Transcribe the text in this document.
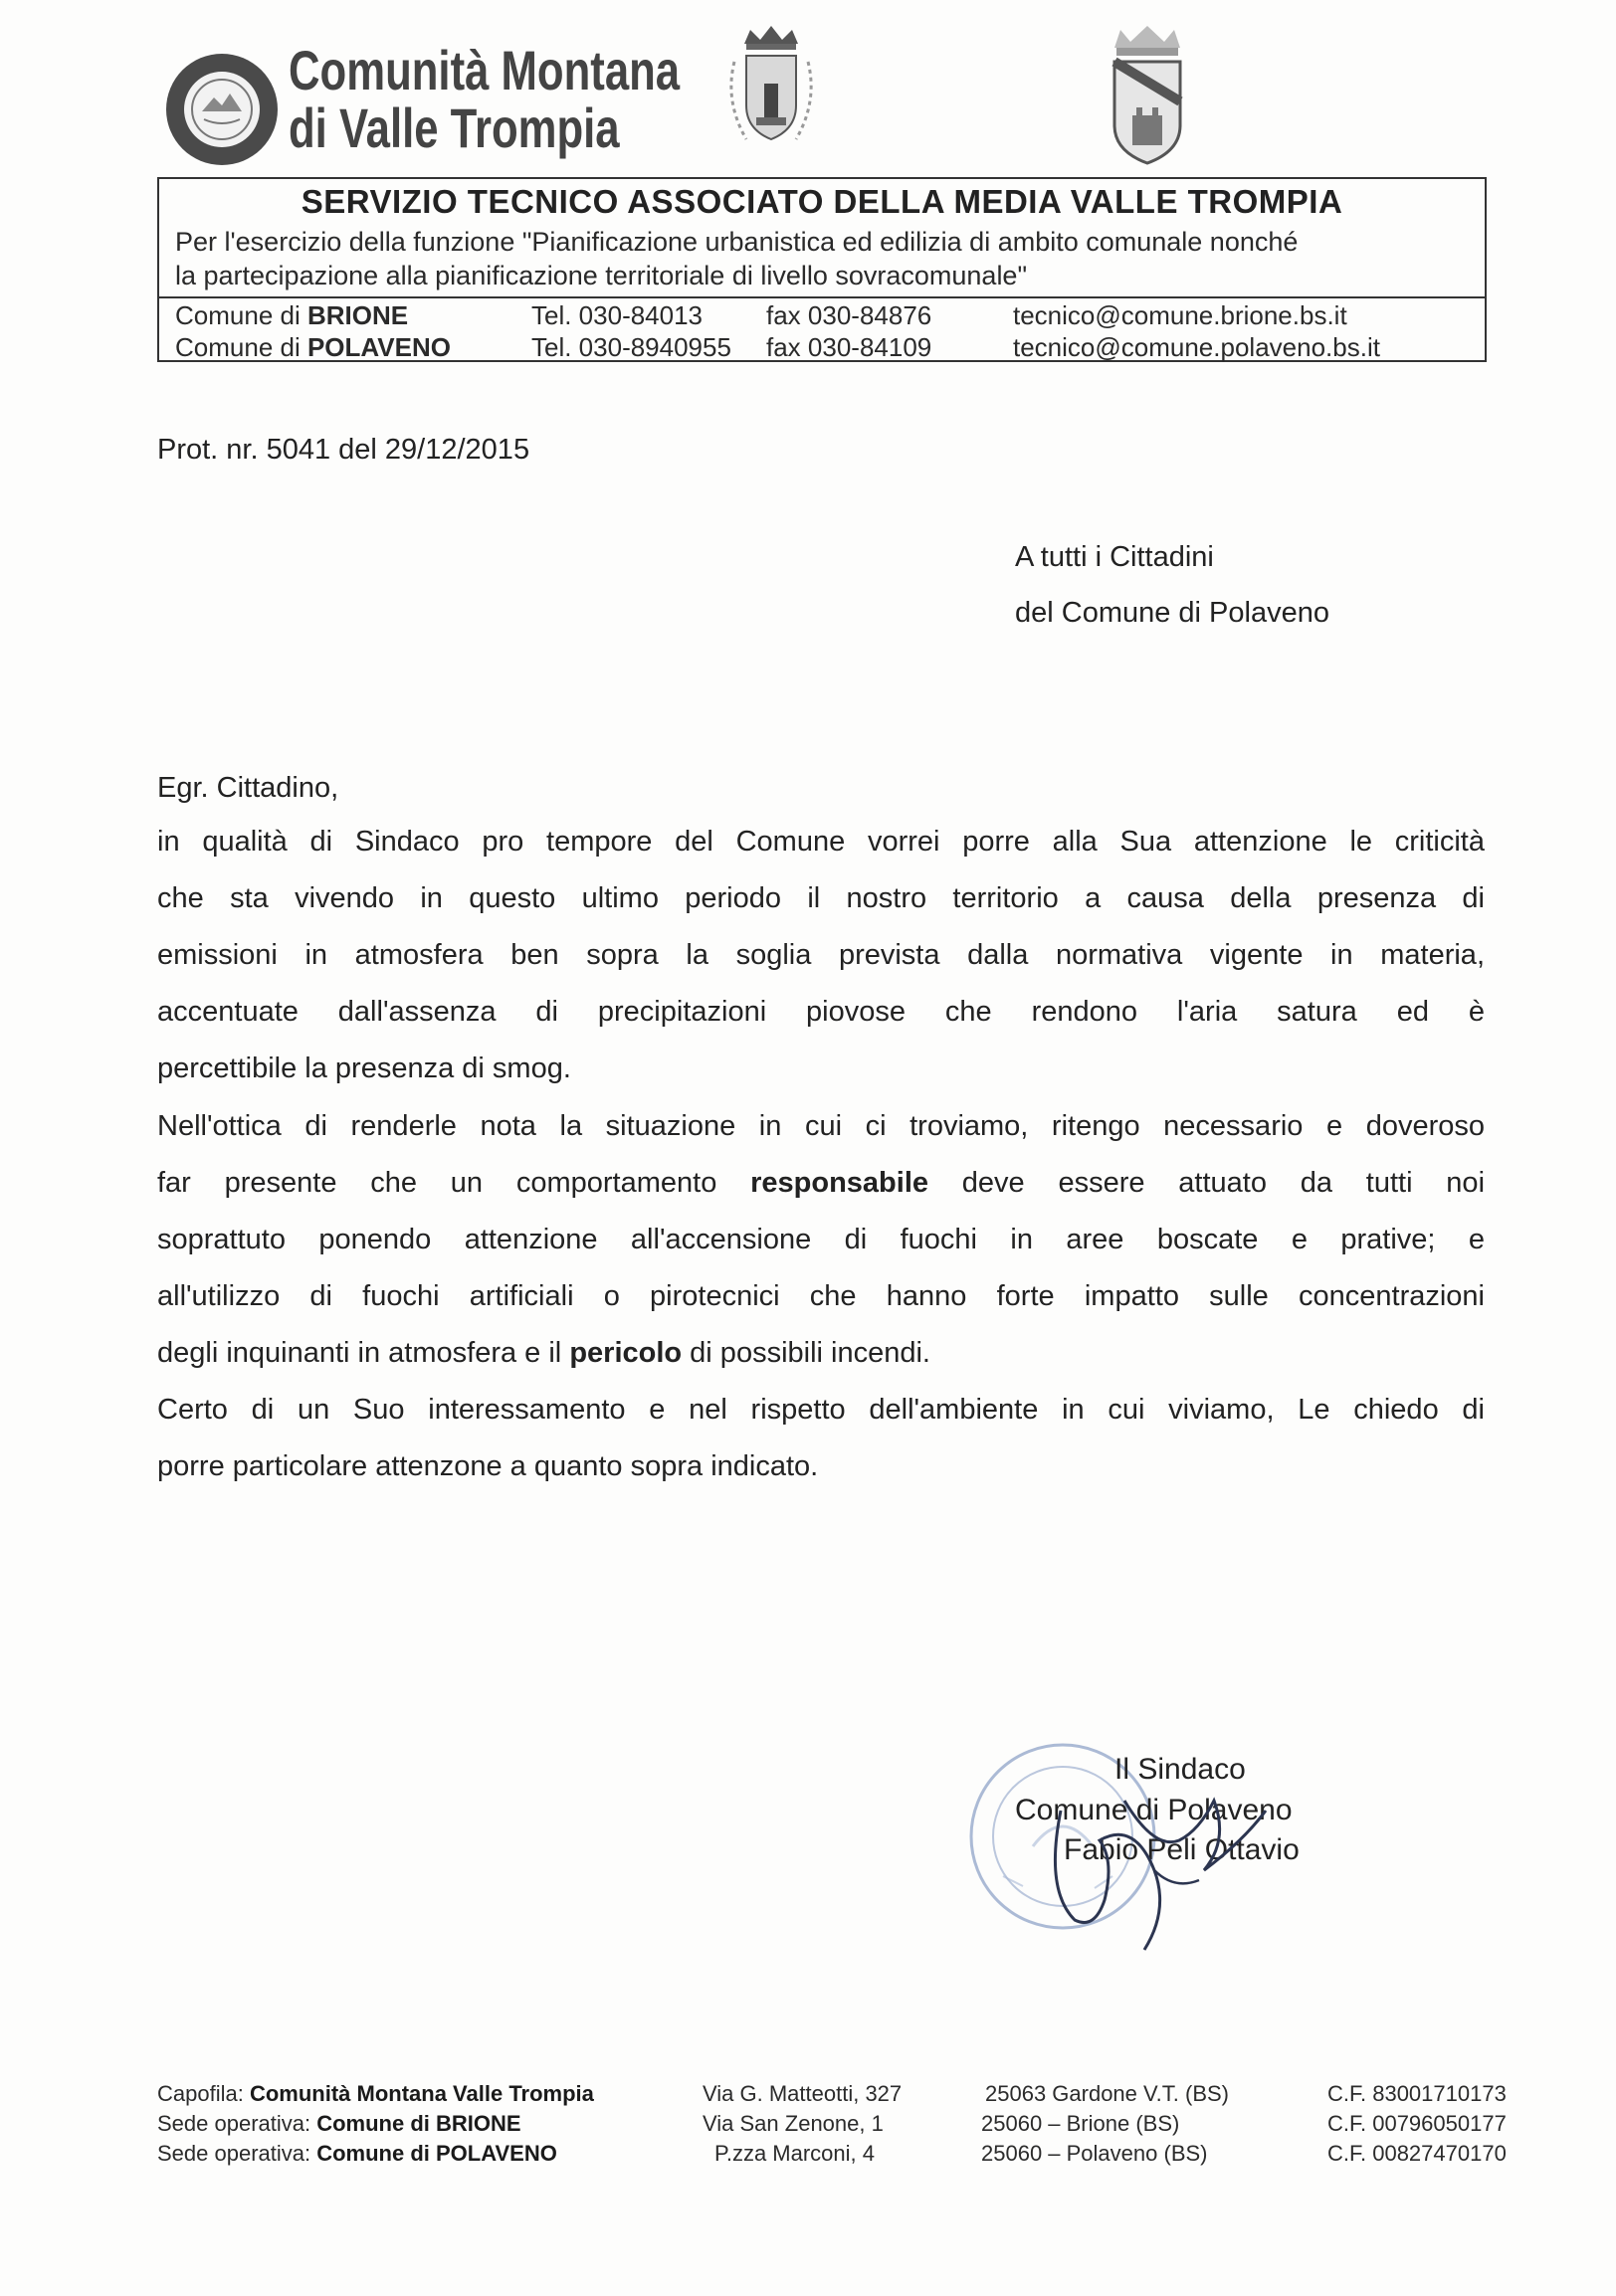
Comunità Montana
di Valle Trompia
SERVIZIO TECNICO ASSOCIATO DELLA MEDIA VALLE TROMPIA
Per l'esercizio della funzione "Pianificazione urbanistica ed edilizia di ambito comunale nonché
la partecipazione alla pianificazione territoriale di livello sovracomunale"
Comune di BRIONE	Tel. 030-84013 fax 030-84876	tecnico@comune.brione.bs.it
Comune di POLAVENO	Tel. 030-8940955 fax 030-84109	tecnico@comune.polaveno.bs.it
Prot. nr. 5041 del 29/12/2015
A tutti i Cittadini
del Comune di Polaveno
Egr. Cittadino,
in qualità di Sindaco pro tempore del Comune vorrei porre alla Sua attenzione le criticità
che sta vivendo in questo ultimo periodo il nostro territorio a causa della presenza di
emissioni in atmosfera ben sopra la soglia prevista dalla normativa vigente in materia,
accentuate dall'assenza di precipitazioni piovose che rendono l'aria satura ed è
percettibile la presenza di smog.
Nell'ottica di renderle nota la situazione in cui ci troviamo, ritengo necessario e doveroso
far presente che un comportamento responsabile deve essere attuato da tutti noi
soprattuto ponendo attenzione all'accensione di fuochi in aree boscate e prative; e
all'utilizzo di fuochi artificiali o pirotecnici che hanno forte impatto sulle concentrazioni
degli inquinanti in atmosfera e il pericolo di possibili incendi.
Certo di un Suo interessamento e nel rispetto dell'ambiente in cui viviamo, Le chiedo di
porre particolare attenzone a quanto sopra indicato.
Il Sindaco
Comune di Polaveno
Fabio Peli Ottavio
Capofila: Comunità Montana Valle Trompia	Via G. Matteotti, 327	25063 Gardone V.T. (BS)	C.F. 83001710173
Sede operativa: Comune di BRIONE	Via San Zenone, 1	25060 – Brione (BS)	C.F. 00796050177
Sede operativa: Comune di POLAVENO	P.zza Marconi, 4	25060 – Polaveno (BS)	C.F. 00827470170
